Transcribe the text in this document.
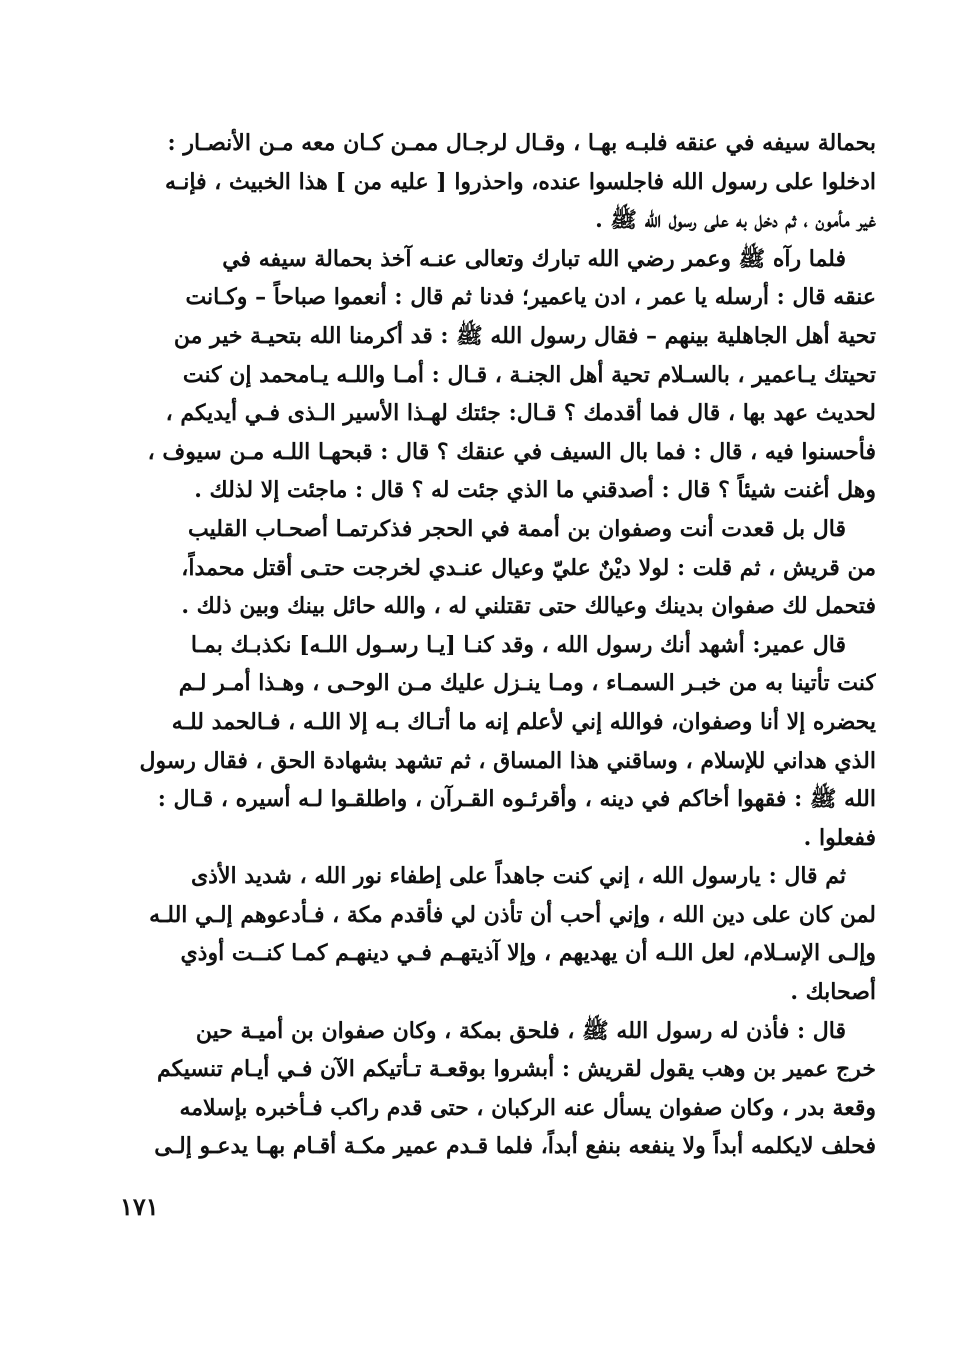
بحمالة سيفه في عنقه فلبـه بهـا ، وقـال لرجـال ممـن كـان معه مـن الأنصـار :
ادخلوا على رسول الله فاجلسوا عنده، واحذروا [ عليه من ] هذا الخبيث ، فإنـه
غير مأمون ، ثم دخل به على رسول الله ﷺ .
فلما رآه ﷺ وعمر رضي الله تبارك وتعالى عنـه آخذ بحمالة سيفه في
عنقه قال : أرسله يا عمر ، ادن ياعمير؛ فدنا ثم قال : أنعموا صباحاً – وكـانت
تحية أهل الجاهلية بينهم – فقال رسول الله ﷺ : قد أكرمنا الله بتحيـة خير من
تحيتك يـاعمير ، بالسـلام تحية أهل الجنـة ، قـال : أمـا واللـه يـامحمد إن كنت
لحديث عهد بها ، قال فما أقدمك ؟ قـال: جئتك لهـذا الأسير الـذى فـي أيديكم ،
فأحسنوا فيه ، قال : فما بال السيف في عنقك ؟ قال : قبحهـا اللـه مـن سيوف ،
وهل أغنت شيئاً ؟ قال : أصدقني ما الذي جئت له ؟ قال : ماجئت إلا لذلك .
قال بل قعدت أنت وصفوان بن أممة في الحجر فذكرتمـا أصحـاب القليب
من قريش ، ثم قلت : لولا ديْنٌ عليّ وعيال عنـدي لخرجت حتـى أقتل محمداً،
فتحمل لك صفوان بدينك وعيالك حتى تقتلني له ، والله حائل بينك وبين ذلك .
قال عمير: أشهد أنك رسول الله ، وقد كنـا [يـا رسـول اللـه] نكذبـك بمـا
كنت تأتينا به من خبـر السمـاء ، ومـا ينـزل عليك مـن الوحـى ، وهـذا أمـر لـم
يحضره إلا أنا وصفوان، فوالله إني لأعلم إنه ما أتـاك بـه إلا اللـه ، فـالحمد للـه
الذي هداني للإسلام ، وساقني هذا المساق ، ثم تشهد بشهادة الحق ، فقال رسول
الله ﷺ : فقهوا أخاكم في دينه ، وأقرئـوه القـرآن ، واطلقـوا لـه أسيره ، قـال :
ففعلوا .
ثم قال : يارسول الله ، إني كنت جاهداً على إطفاء نور الله ، شديد الأذى
لمن كان على دين الله ، وإني أحب أن تأذن لي فأقدم مكة ، فـأدعوهم إلـي اللـه
وإلـى الإسـلام، لعل اللـه أن يهديهم ، وإلا آذيتهـم فـي دينهـم كمـا كنــت أوذي
أصحابك .
قال : فأذن له رسول الله ﷺ ، فلحق بمكة ، وكان صفوان بن أميـة حين
خرج عمير بن وهب يقول لقريش : أبشروا بوقعـة تـأتيكم الآن فـي أيـام تنسيكم
وقعة بدر ، وكان صفوان يسأل عنه الركبان ، حتى قدم راكب فـأخبره بإسلامه
فحلف لايكلمه أبداً ولا ينفعه بنفع أبداً، فلما قـدم عمير مكـة أقـام بهـا يدعـو إلـى
١٧١
